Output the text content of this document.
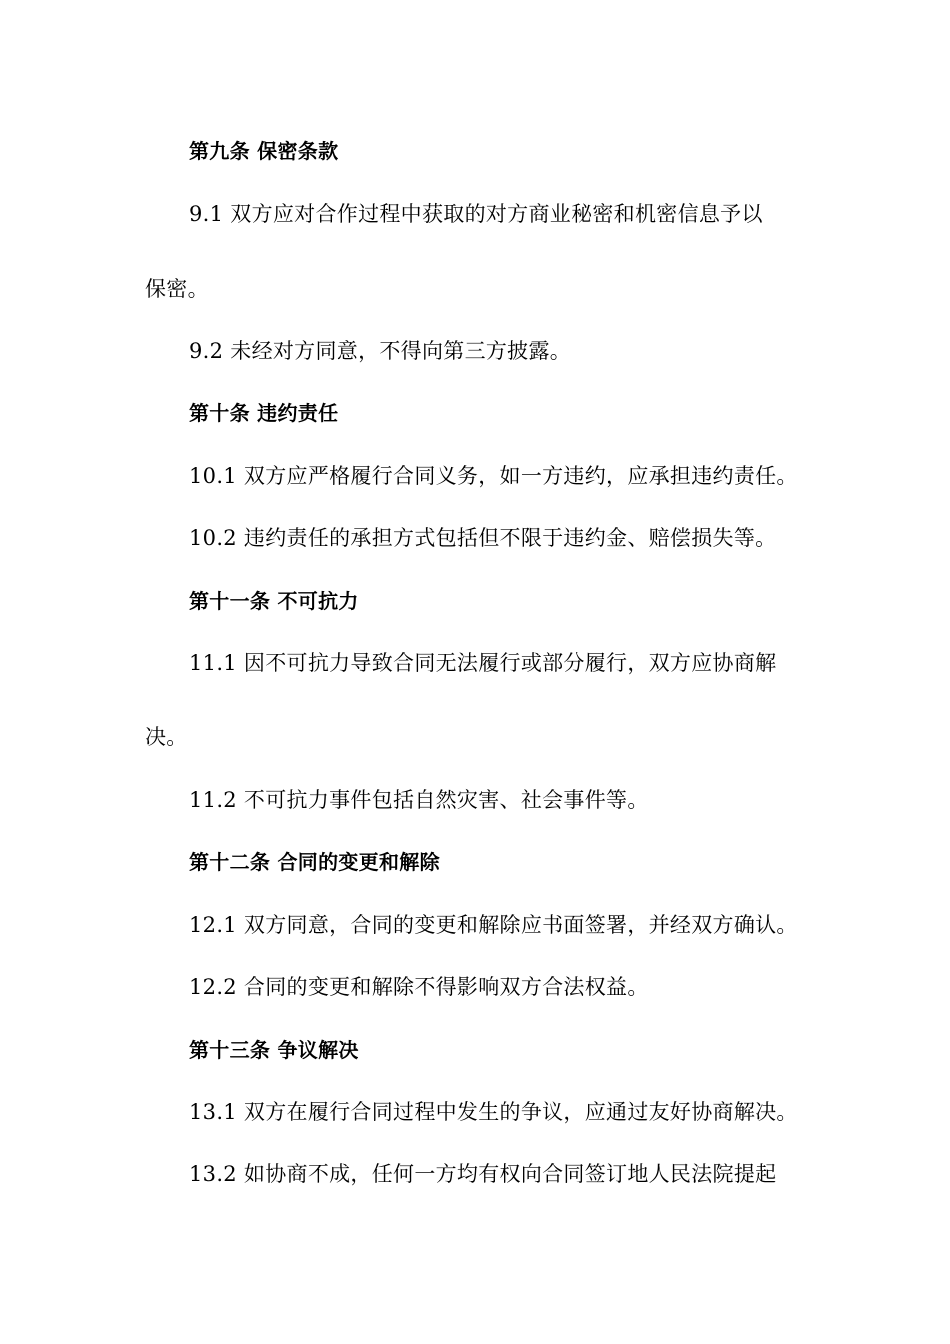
第九条 保密条款
9.1 双方应对合作过程中获取的对方商业秘密和机密信息予以
保密。
9.2 未经对方同意，不得向第三方披露。
第十条 违约责任
10.1 双方应严格履行合同义务，如一方违约，应承担违约责任。
10.2 违约责任的承担方式包括但不限于违约金、赔偿损失等。
第十一条 不可抗力
11.1 因不可抗力导致合同无法履行或部分履行，双方应协商解
决。
11.2 不可抗力事件包括自然灾害、社会事件等。
第十二条 合同的变更和解除
12.1 双方同意，合同的变更和解除应书面签署，并经双方确认。
12.2 合同的变更和解除不得影响双方合法权益。
第十三条 争议解决
13.1 双方在履行合同过程中发生的争议，应通过友好协商解决。
13.2 如协商不成，任何一方均有权向合同签订地人民法院提起
